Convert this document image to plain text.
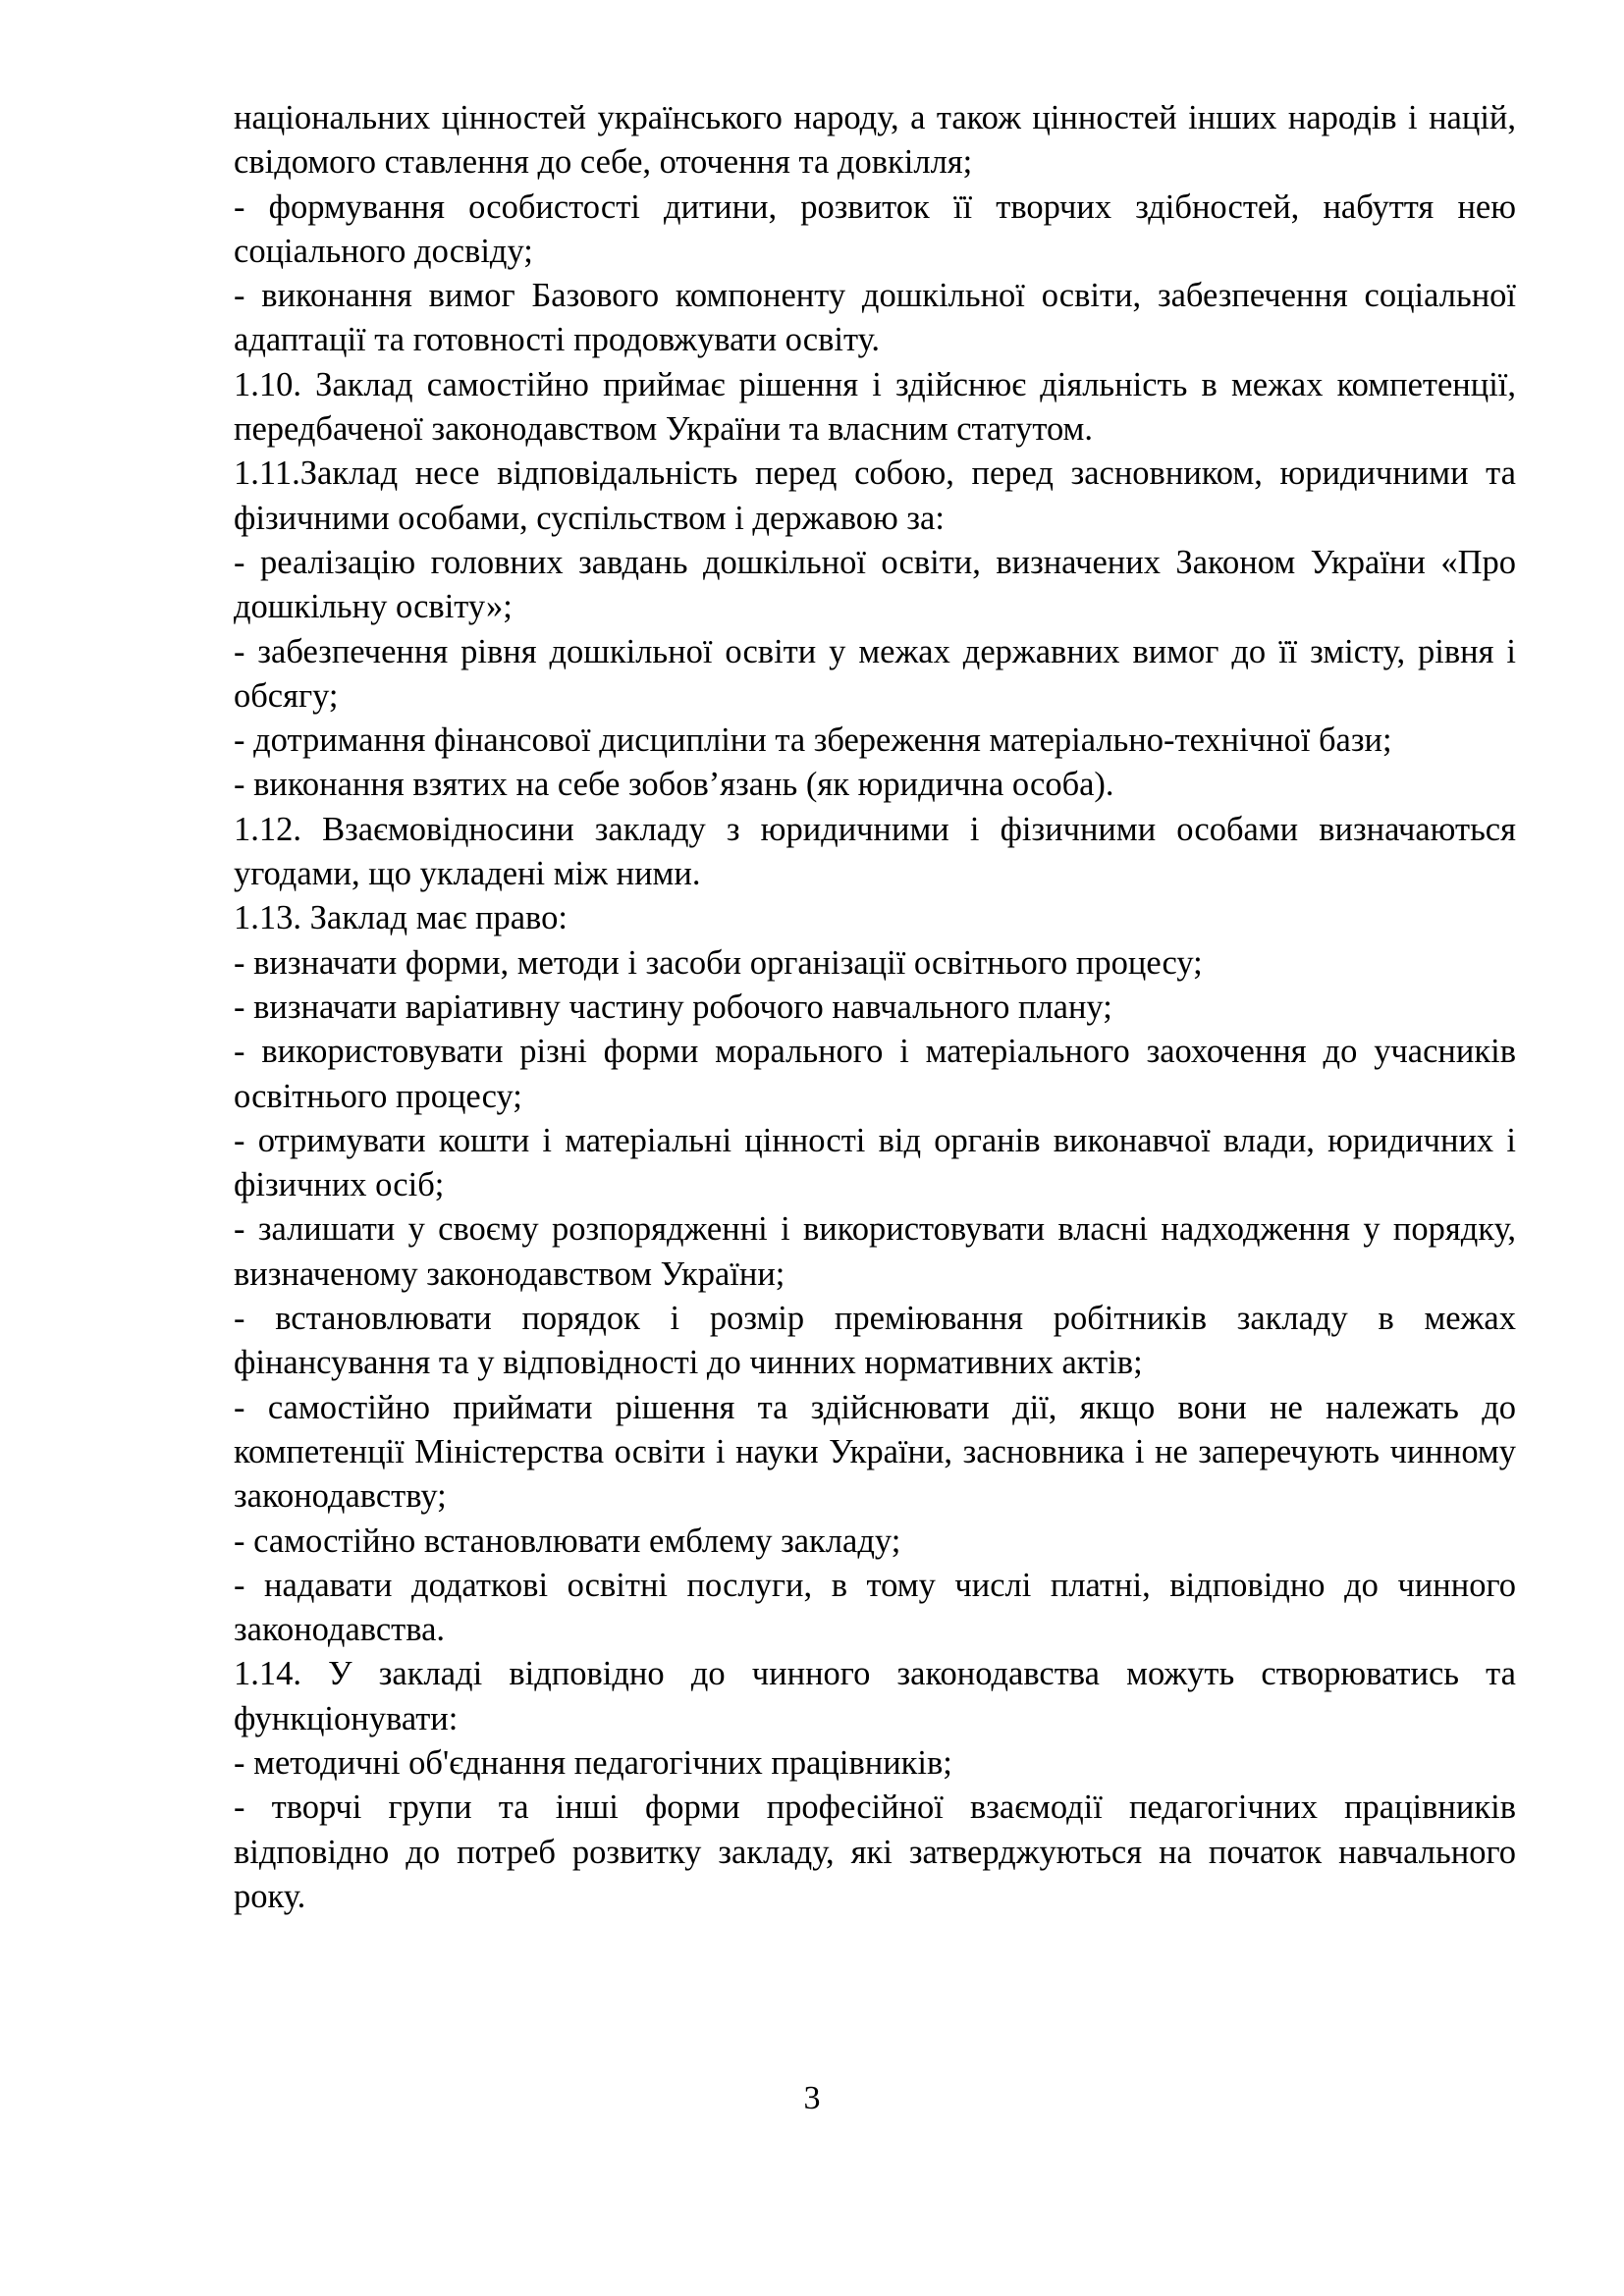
національних цінностей українського народу, а також цінностей інших народів і націй, свідомого ставлення до себе, оточення та довкілля;

- формування особистості дитини, розвиток її творчих здібностей, набуття нею соціального досвіду;

- виконання вимог Базового компоненту дошкільної освіти, забезпечення соціальної адаптації та готовності продовжувати освіту.

1.10. Заклад самостійно приймає рішення і здійснює діяльність в межах компетенції, передбаченої законодавством України та власним статутом.

1.11.Заклад несе відповідальність перед собою, перед засновником, юридичними та фізичними особами, суспільством і державою за:

- реалізацію головних завдань дошкільної освіти, визначених Законом України «Про дошкільну освіту»;

- забезпечення рівня дошкільної освіти у межах державних вимог до її змісту, рівня і обсягу;

- дотримання фінансової дисципліни та збереження матеріально-технічної бази;

- виконання взятих на себе зобов’язань (як юридична особа).

1.12. Взаємовідносини закладу з юридичними і фізичними особами визначаються угодами, що укладені між ними.

1.13. Заклад має право:

- визначати форми, методи і засоби організації освітнього процесу;

- визначати варіативну частину робочого навчального плану;

- використовувати різні форми морального і матеріального заохочення до учасників освітнього процесу;

- отримувати кошти і матеріальні цінності від органів виконавчої влади, юридичних і фізичних осіб;

- залишати у своєму розпорядженні і використовувати власні надходження у порядку, визначеному законодавством України;

- встановлювати порядок і розмір преміювання робітників закладу в межах фінансування та у відповідності до чинних нормативних актів;

- самостійно приймати рішення та здійснювати дії, якщо вони не належать до компетенції Міністерства освіти і науки України, засновника і не заперечують чинному законодавству;

- самостійно встановлювати емблему закладу;

- надавати додаткові освітні послуги, в тому числі платні, відповідно до чинного законодавства.

1.14. У закладі відповідно до чинного законодавства можуть створюватись та функціонувати:

- методичні об'єднання педагогічних працівників;

- творчі групи та інші форми професійної взаємодії педагогічних працівників відповідно до потреб розвитку закладу, які затверджуються на початок навчального року.

3
